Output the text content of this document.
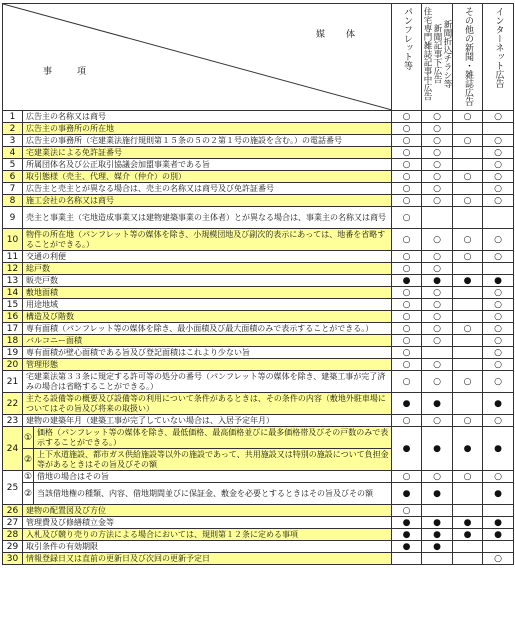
媒　体
事　項			パンフレット等	新聞折込チラシ等
新聞記事下広告
住宅専門雑誌記事中広告	その他の新聞・雑誌広告	インターネット広告

1	広告主の名称又は商号		○	○	○	○
2	広告主の事務所の所在地		○	○		
3	広告主の事務所（宅建業法施行規則第１５条の５の２第１号の施設を含む。）の電話番号		○	○	○	○
4	宅建業法による免許証番号		○	○		○
5	所属団体名及び公正取引協議会加盟事業者である旨		○	○		○
6	取引態様（売主、代理、媒介（仲介）の別）		○	○	○	○
7	広告主と売主とが異なる場合は、売主の名称又は商号及び免許証番号		○	○		○
8	施工会社の名称又は商号		○	○	○	○
9	売主と事業主（宅地造成事業又は建物建築事業の主体者）とが異なる場合は、事業主の名称又は商号		○			
10	物件の所在地（パンフレット等の媒体を除き、小規模団地及び副次的表示にあっては、地番を省略することができる。）		○	○	○	○
11	交通の利便		○	○	○	○
12	総戸数		○	○		
13	販売戸数		●	●	●	●
14	敷地面積		○	○		○
15	用途地域		○	○		○
16	構造及び階数		○	○		○
17	専有面積（パンフレット等の媒体を除き、最小面積及び最大面積のみで表示することができる。）		○	○	○	○
18	バルコニー面積		○	○		○
19	専有面積が壁心面積である旨及び登記面積はこれより少ない旨		○			○
20	管理形態		○	○		○
21	宅建業法第３３条に規定する許可等の処分の番号（パンフレット等の媒体を除き、建築工事が完了済みの場合は省略することができる。）		○	○	○	○
22	主たる設備等の概要及び設備等の利用について条件があるときは、その条件の内容（敷地外駐車場についてはその旨及び将来の取扱い）		●	●		●
23	建物の建築年月（建築工事が完了していない場合は、入居予定年月）		○	○	○	○
24	①	価格（パンフレット等の媒体を除き、最低価格、最高価格並びに最多価格帯及びその戸数のみで表示することができる。）	●	●	●	●
	②	上下水道施設、都市ガス供給施設等以外の施設であって、共用施設又は特別の施設について負担金等があるときはその旨及びその額				
25	①	借地の場合はその旨	○	○	○	○
	②	当該借地権の種類、内容、借地期間並びに保証金、敷金を必要とするときはその旨及びその額	●	●		●
26	建物の配置図及び方位		○			
27	管理費及び修繕積立金等		●	●	●	●
28	入札及び競り売りの方法による場合においては、規則第１２条に定める事項		●	●	●	●
29	取引条件の有効期限		●	●		
30	情報登録日又は直前の更新日及び次回の更新予定日					○
